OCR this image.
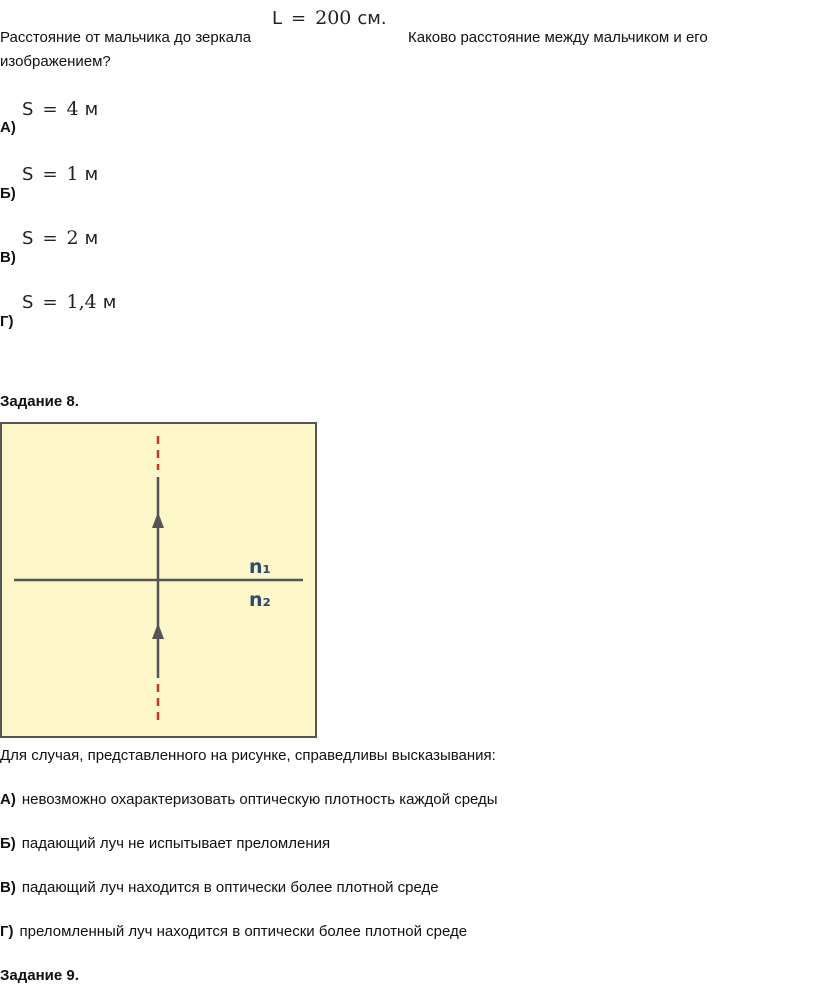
L = 200 см.
Расстояние от мальчика до зеркала	Каково расстояние между мальчиком и его
изображением?
S = 4 м
А)
S = 1 м
Б)
S = 2 м
В)
S = 1,4 м
Г)
Задание 8.
n₁
n₂
Для случая, представленного на рисунке, справедливы высказывания:
А) невозможно охарактеризовать оптическую плотность каждой среды
Б) падающий луч не испытывает преломления
В) падающий луч находится в оптически более плотной среде
Г) преломленный луч находится в оптически более плотной среде
Задание 9.
